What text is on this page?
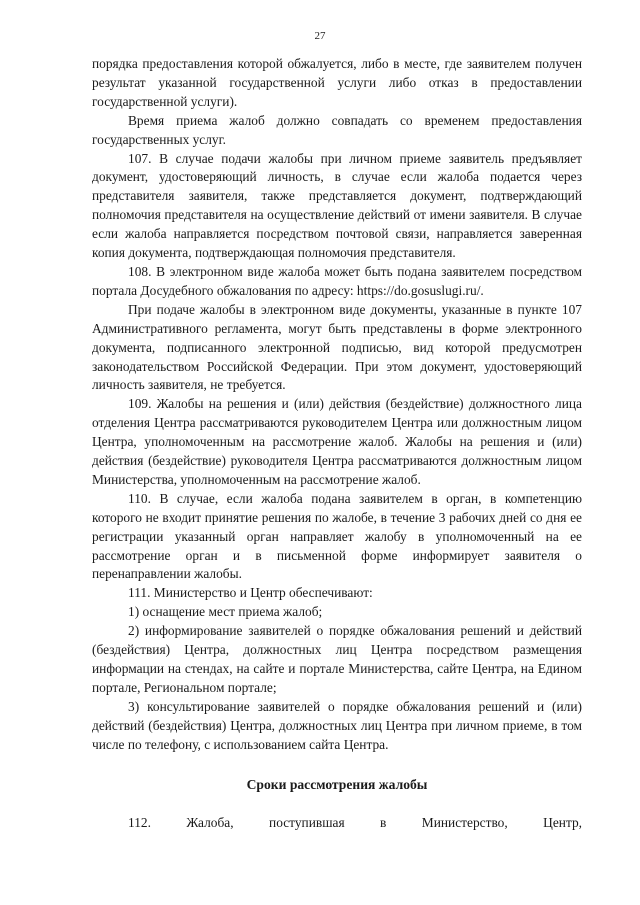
27

порядка предоставления которой обжалуется, либо в месте, где заявителем получен результат указанной государственной услуги либо отказ в предоставлении государственной услуги).

Время приема жалоб должно совпадать со временем предоставления государственных услуг.

107. В случае подачи жалобы при личном приеме заявитель предъявляет документ, удостоверяющий личность, в случае если жалоба подается через представителя заявителя, также представляется документ, подтверждающий полномочия представителя на осуществление действий от имени заявителя. В случае если жалоба направляется посредством почтовой связи, направляется заверенная копия документа, подтверждающая полномочия представителя.

108. В электронном виде жалоба может быть подана заявителем посредством портала Досудебного обжалования по адресу: https://do.gosuslugi.ru/.

При подаче жалобы в электронном виде документы, указанные в пункте 107 Административного регламента, могут быть представлены в форме электронного документа, подписанного электронной подписью, вид которой предусмотрен законодательством Российской Федерации. При этом документ, удостоверяющий личность заявителя, не требуется.

109. Жалобы на решения и (или) действия (бездействие) должностного лица отделения Центра рассматриваются руководителем Центра или должностным лицом Центра, уполномоченным на рассмотрение жалоб. Жалобы на решения и (или) действия (бездействие) руководителя Центра рассматриваются должностным лицом Министерства, уполномоченным на рассмотрение жалоб.

110. В случае, если жалоба подана заявителем в орган, в компетенцию которого не входит принятие решения по жалобе, в течение 3 рабочих дней со дня ее регистрации указанный орган направляет жалобу в уполномоченный на ее рассмотрение орган и в письменной форме информирует заявителя о перенаправлении жалобы.

111. Министерство и Центр обеспечивают:

1) оснащение мест приема жалоб;

2) информирование заявителей о порядке обжалования решений и действий (бездействия) Центра, должностных лиц Центра посредством размещения информации на стендах, на сайте и портале Министерства, сайте Центра, на Едином портале, Региональном портале;

3) консультирование заявителей о порядке обжалования решений и (или) действий (бездействия) Центра, должностных лиц Центра при личном приеме, в том числе по телефону, с использованием сайта Центра.

Сроки рассмотрения жалобы

112. Жалоба, поступившая в Министерство, Центр,
